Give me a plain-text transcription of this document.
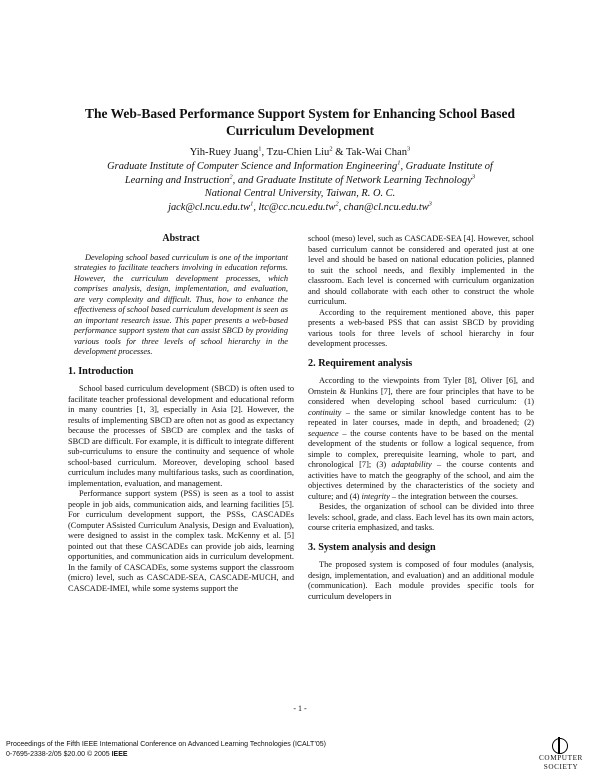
The Web-Based Performance Support System for Enhancing School Based
Curriculum Development
Yih-Ruey Juang$^1$, Tzu-Chien Liu$^2$ & Tak-Wai Chan$^3$
Graduate Institute of Computer Science and Information Engineering$^1$, Graduate Institute of
Learning and Instruction$^2$, and Graduate Institute of Network Learning Technology$^3$
National Central University, Taiwan, R. O. C.
$jack@cl.ncu.edu.tw^1$, $ltc@cc.ncu.edu.tw^2$, $chan@cl.ncu.edu.tw^3$
Abstract

Developing school based curriculum is one of the important strategies to facilitate teachers involving in education reforms. However, the curriculum development processes, which comprises analysis, design, implementation, and evaluation, are very complexity and difficult. Thus, how to enhance the effectiveness of school based curriculum development is seen as an important research issue. This paper presents a web-based performance support system that can assist SBCD by providing various tools for three levels of school hierarchy in the development processes.

1. Introduction

School based curriculum development (SBCD) is often used to facilitate teacher professional development and educational reform in many countries [1, 3], especially in Asia [2]. However, the results of implementing SBCD are often not as good as expectancy because the processes of SBCD are complex and the tasks of SBCD are difficult. For example, it is difficult to integrate different sub-curriculums to ensure the continuity and sequence of whole school-based curriculum. Moreover, developing school based curriculum includes many multifarious tasks, such as coordination, implementation, evaluation, and management.

Performance support system (PSS) is seen as a tool to assist people in job aids, communication aids, and learning facilities [5]. For curriculum development support, the PSSs, CASCADEs (Computer ASsisted Curriculum Analysis, Design and Evaluation), were designed to assist in the complex task. McKenny et al. [5] pointed out that these CASCADEs can provide job aids, learning opportunities, and communication aids in curriculum development. In the family of CASCADEs, some systems support the classroom (micro) level, such as CASCADE-SEA, CASCADE-MUCH, and CASCADE-IMEI, while some systems support the

school (meso) level, such as CASCADE-SEA [4]. However, school based curriculum cannot be considered and operated just at one level and should be based on national education policies, planned to suit the school needs, and flexibly implemented in the classroom. Each level is concerned with curriculum organization and should collaborate with each other to construct the whole curriculum.

According to the requirement mentioned above, this paper presents a web-based PSS that can assist SBCD by providing various tools for three levels of school hierarchy in four development processes.

2. Requirement analysis

According to the viewpoints from Tyler [8], Oliver [6], and Ornstein & Hunkins [7], there are four principles that have to be considered when developing school based curriculum: (1) continuity – the same or similar knowledge content has to be repeated in later courses, made in depth, and broadened; (2) sequence – the course contents have to be based on the mental development of the students or follow a logical sequence, from simple to complex, prerequisite learning, whole to part, and chronological [7]; (3) adaptability – the course contents and activities have to match the geography of the school, and aim the objectives determined by the characteristics of the society and culture; and (4) integrity – the integration between the courses.

Besides, the organization of school can be divided into three levels: school, grade, and class. Each level has its own main actors, course criteria emphasized, and tasks.

3. System analysis and design

The proposed system is composed of four modules (analysis, design, implementation, and evaluation) and an additional module (communication). Each module provides specific tools for curriculum developers in

- 1 -
Proceedings of the Fifth IEEE International Conference on Advanced Learning Technologies (ICALT’05)
0-7695-2338-2/05 $20.00 © 2005 IEEE	COMPUTER
SOCIETY
